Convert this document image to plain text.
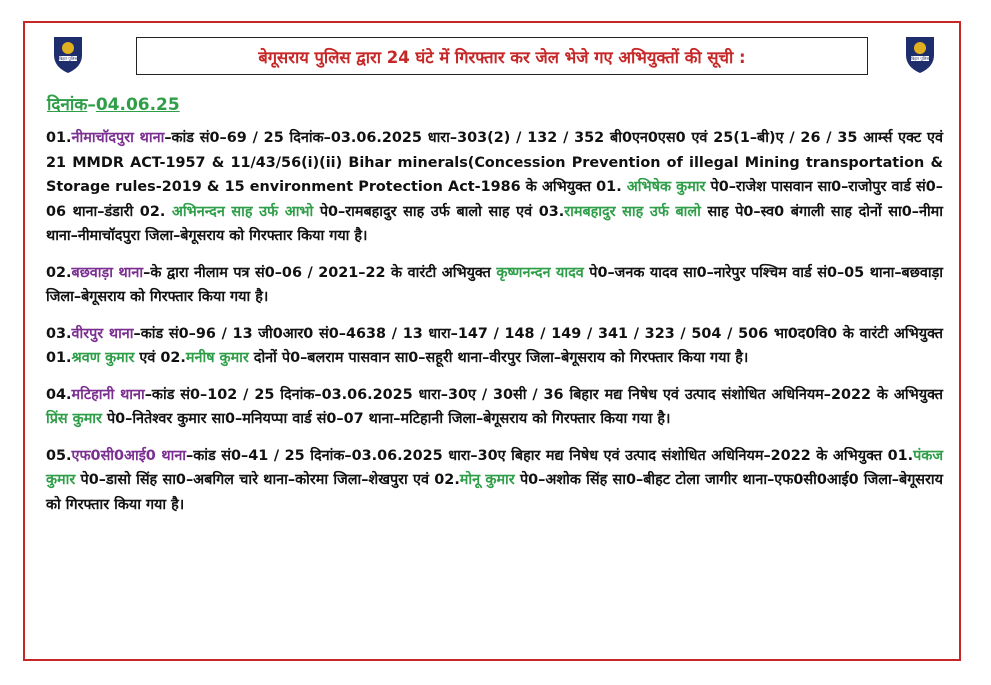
बिहार पुलिस	बिहार पुलिस
बेगूसराय पुलिस द्वारा 24 घंटे में गिरफ्तार कर जेल भेजे गए अभियुक्तों की सूची :
दिनांक–04.06.25

01.नीमाचॉदपुरा थाना–कांड सं0–69 / 25 दिनांक–03.06.2025 धारा–303(2) / 132 / 352 बी0एन0एस0 एवं 25(1–बी)ए / 26 / 35 आर्म्स एक्ट एवं 21 MMDR ACT-1957 & 11/43/56(i)(ii) Bihar minerals(Concession Prevention of illegal Mining transportation & Storage rules-2019 & 15 environment Protection Act-1986 के अभियुक्त 01. अभिषेक कुमार पे0–राजेश पासवान सा0–राजोपुर वार्ड सं0–06 थाना–डंडारी 02. अभिनन्दन साह उर्फ आभो पे0–रामबहादुर साह उर्फ बालो साह एवं 03.रामबहादुर साह उर्फ बालो साह पे0–स्व0 बंगाली साह दोनों सा0–नीमा थाना–नीमाचॉदपुरा जिला–बेगूसराय को गिरफ्तार किया गया है।

02.बछवाड़ा थाना–के द्वारा नीलाम पत्र सं0–06 / 2021–22 के वारंटी अभियुक्त कृष्णनन्दन यादव पे0–जनक यादव सा0–नारेपुर पश्चिम वार्ड सं0–05 थाना–बछवाड़ा जिला–बेगूसराय को गिरफ्तार किया गया है।

03.वीरपुर थाना–कांड सं0–96 / 13 जी0आर0 सं0–4638 / 13 धारा–147 / 148 / 149 / 341 / 323 / 504 / 506 भा0द0वि0 के वारंटी अभियुक्त 01.श्रवण कुमार एवं 02.मनीष कुमार दोनों पे0–बलराम पासवान सा0–सहूरी थाना–वीरपुर जिला–बेगूसराय को गिरफ्तार किया गया है।

04.मटिहानी थाना–कांड सं0–102 / 25 दिनांक–03.06.2025 धारा–30ए / 30सी / 36 बिहार मद्य निषेध एवं उत्पाद संशोधित अधिनियम–2022 के अभियुक्त प्रिंस कुमार पे0–नितेश्वर कुमार सा0–मनियप्पा वार्ड सं0–07 थाना–मटिहानी जिला–बेगूसराय को गिरफ्तार किया गया है।

05.एफ0सी0आई0 थाना–कांड सं0–41 / 25 दिनांक–03.06.2025 धारा–30ए बिहार मद्य निषेध एवं उत्पाद संशोधित अधिनियम–2022 के अभियुक्त 01.पंकज कुमार पे0–डासो सिंह सा0–अबगिल चारे थाना–कोरमा जिला–शेखपुरा एवं 02.मोनू कुमार पे0–अशोक सिंह सा0–बीहट टोला जागीर थाना–एफ0सी0आई0 जिला–बेगूसराय को गिरफ्तार किया गया है।
